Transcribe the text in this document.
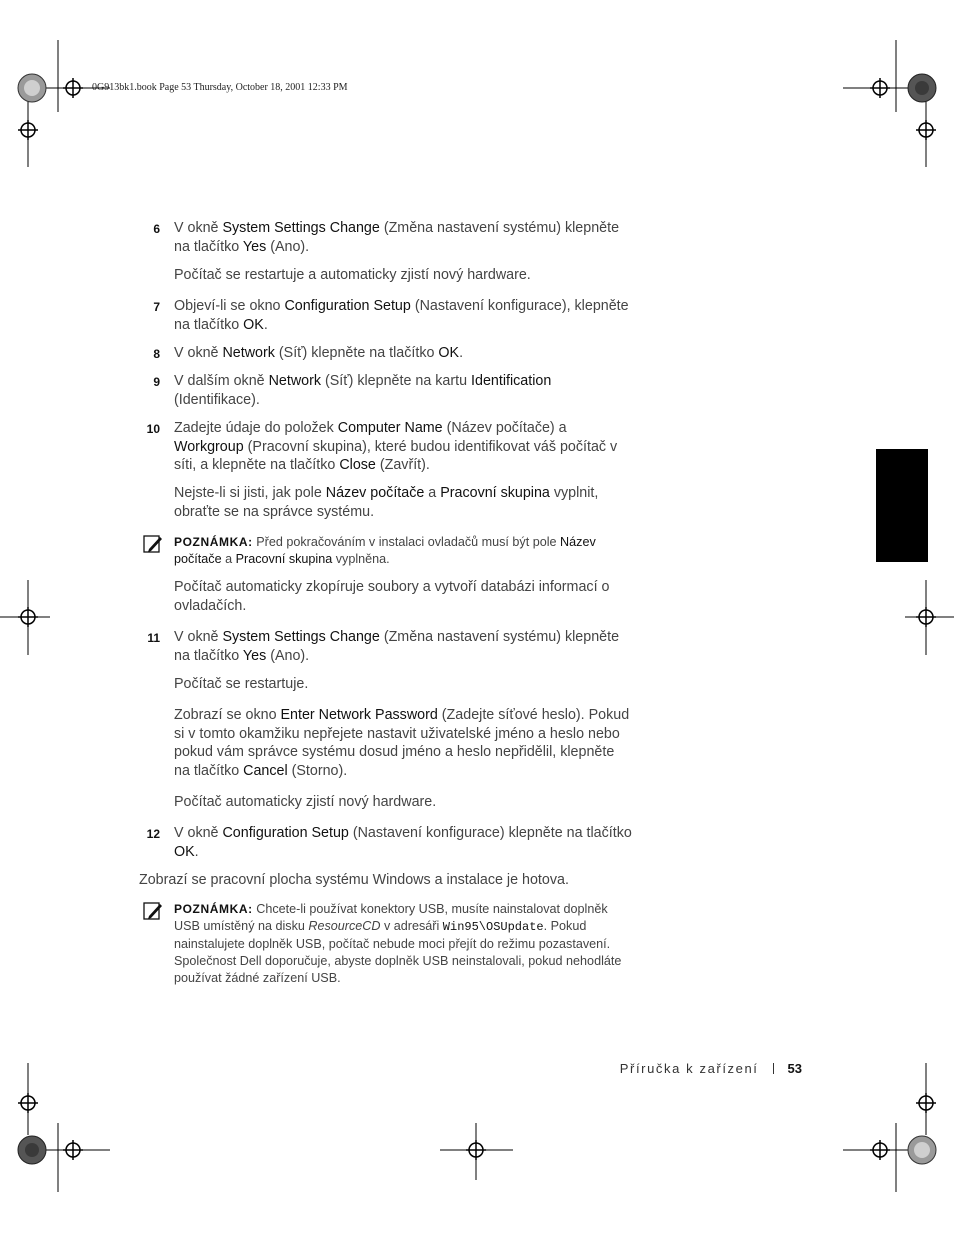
0G913bk1.book Page 53 Thursday, October 18, 2001 12:33 PM
6 V okně System Settings Change (Změna nastavení systému) klepněte na tlačítko Yes (Ano).
Počítač se restartuje a automaticky zjistí nový hardware.
7 Objeví-li se okno Configuration Setup (Nastavení konfigurace), klepněte na tlačítko OK.
8 V okně Network (Síť) klepněte na tlačítko OK.
9 V dalším okně Network (Síť) klepněte na kartu Identification (Identifikace).
10 Zadejte údaje do položek Computer Name (Název počítače) a Workgroup (Pracovní skupina), které budou identifikovat váš počítač v síti, a klepněte na tlačítko Close (Zavřít).
Nejste-li si jisti, jak pole Název počítače a Pracovní skupina vyplnit, obraťte se na správce systému.
POZNÁMKA: Před pokračováním v instalaci ovladačů musí být pole Název počítače a Pracovní skupina vyplněna.
Počítač automaticky zkopíruje soubory a vytvoří databázi informací o ovladačích.
11 V okně System Settings Change (Změna nastavení systému) klepněte na tlačítko Yes (Ano).
Počítač se restartuje.
Zobrazí se okno Enter Network Password (Zadejte síťové heslo). Pokud si v tomto okamžiku nepřejete nastavit uživatelské jméno a heslo nebo pokud vám správce systému dosud jméno a heslo nepřidělil, klepněte na tlačítko Cancel (Storno).
Počítač automaticky zjistí nový hardware.
12 V okně Configuration Setup (Nastavení konfigurace) klepněte na tlačítko OK.
Zobrazí se pracovní plocha systému Windows a instalace je hotova.
POZNÁMKA: Chcete-li používat konektory USB, musíte nainstalovat doplněk USB umístěný na disku ResourceCD v adresáři Win95\OSUpdate. Pokud nainstalujete doplněk USB, počítač nebude moci přejít do režimu pozastavení. Společnost Dell doporučuje, abyste doplněk USB neinstalovali, pokud nehodláte používat žádné zařízení USB.
Příručka k zařízení 53
